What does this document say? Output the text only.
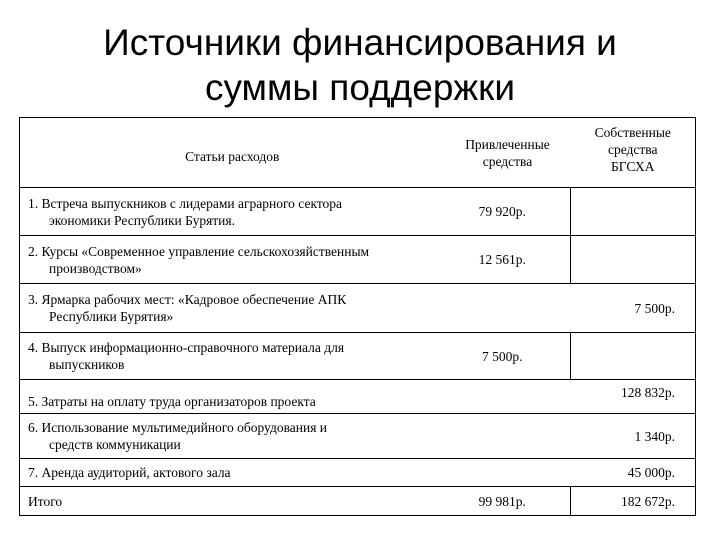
Источники финансирования и
суммы поддержки
Статьи расходов	Привлеченные средства	Собственные средства БГСХА

1. Встреча выпускников с лидерами аграрного сектора
экономики Республики Бурятия.	79 920р.	
2. Курсы «Современное управление сельскохозяйственным
производством»	12 561р.	
3. Ярмарка рабочих мест: «Кадровое обеспечение АПК
Республики Бурятия»		7 500р.
4. Выпуск информационно-справочного материала для
выпускников	7 500р.	
5. Затраты на оплату труда организаторов проекта		128 832р.
6. Использование мультимедийного оборудования и
средств коммуникации		1 340р.
7. Аренда аудиторий, актового зала		45 000р.
Итого	99 981р.	182 672р.
